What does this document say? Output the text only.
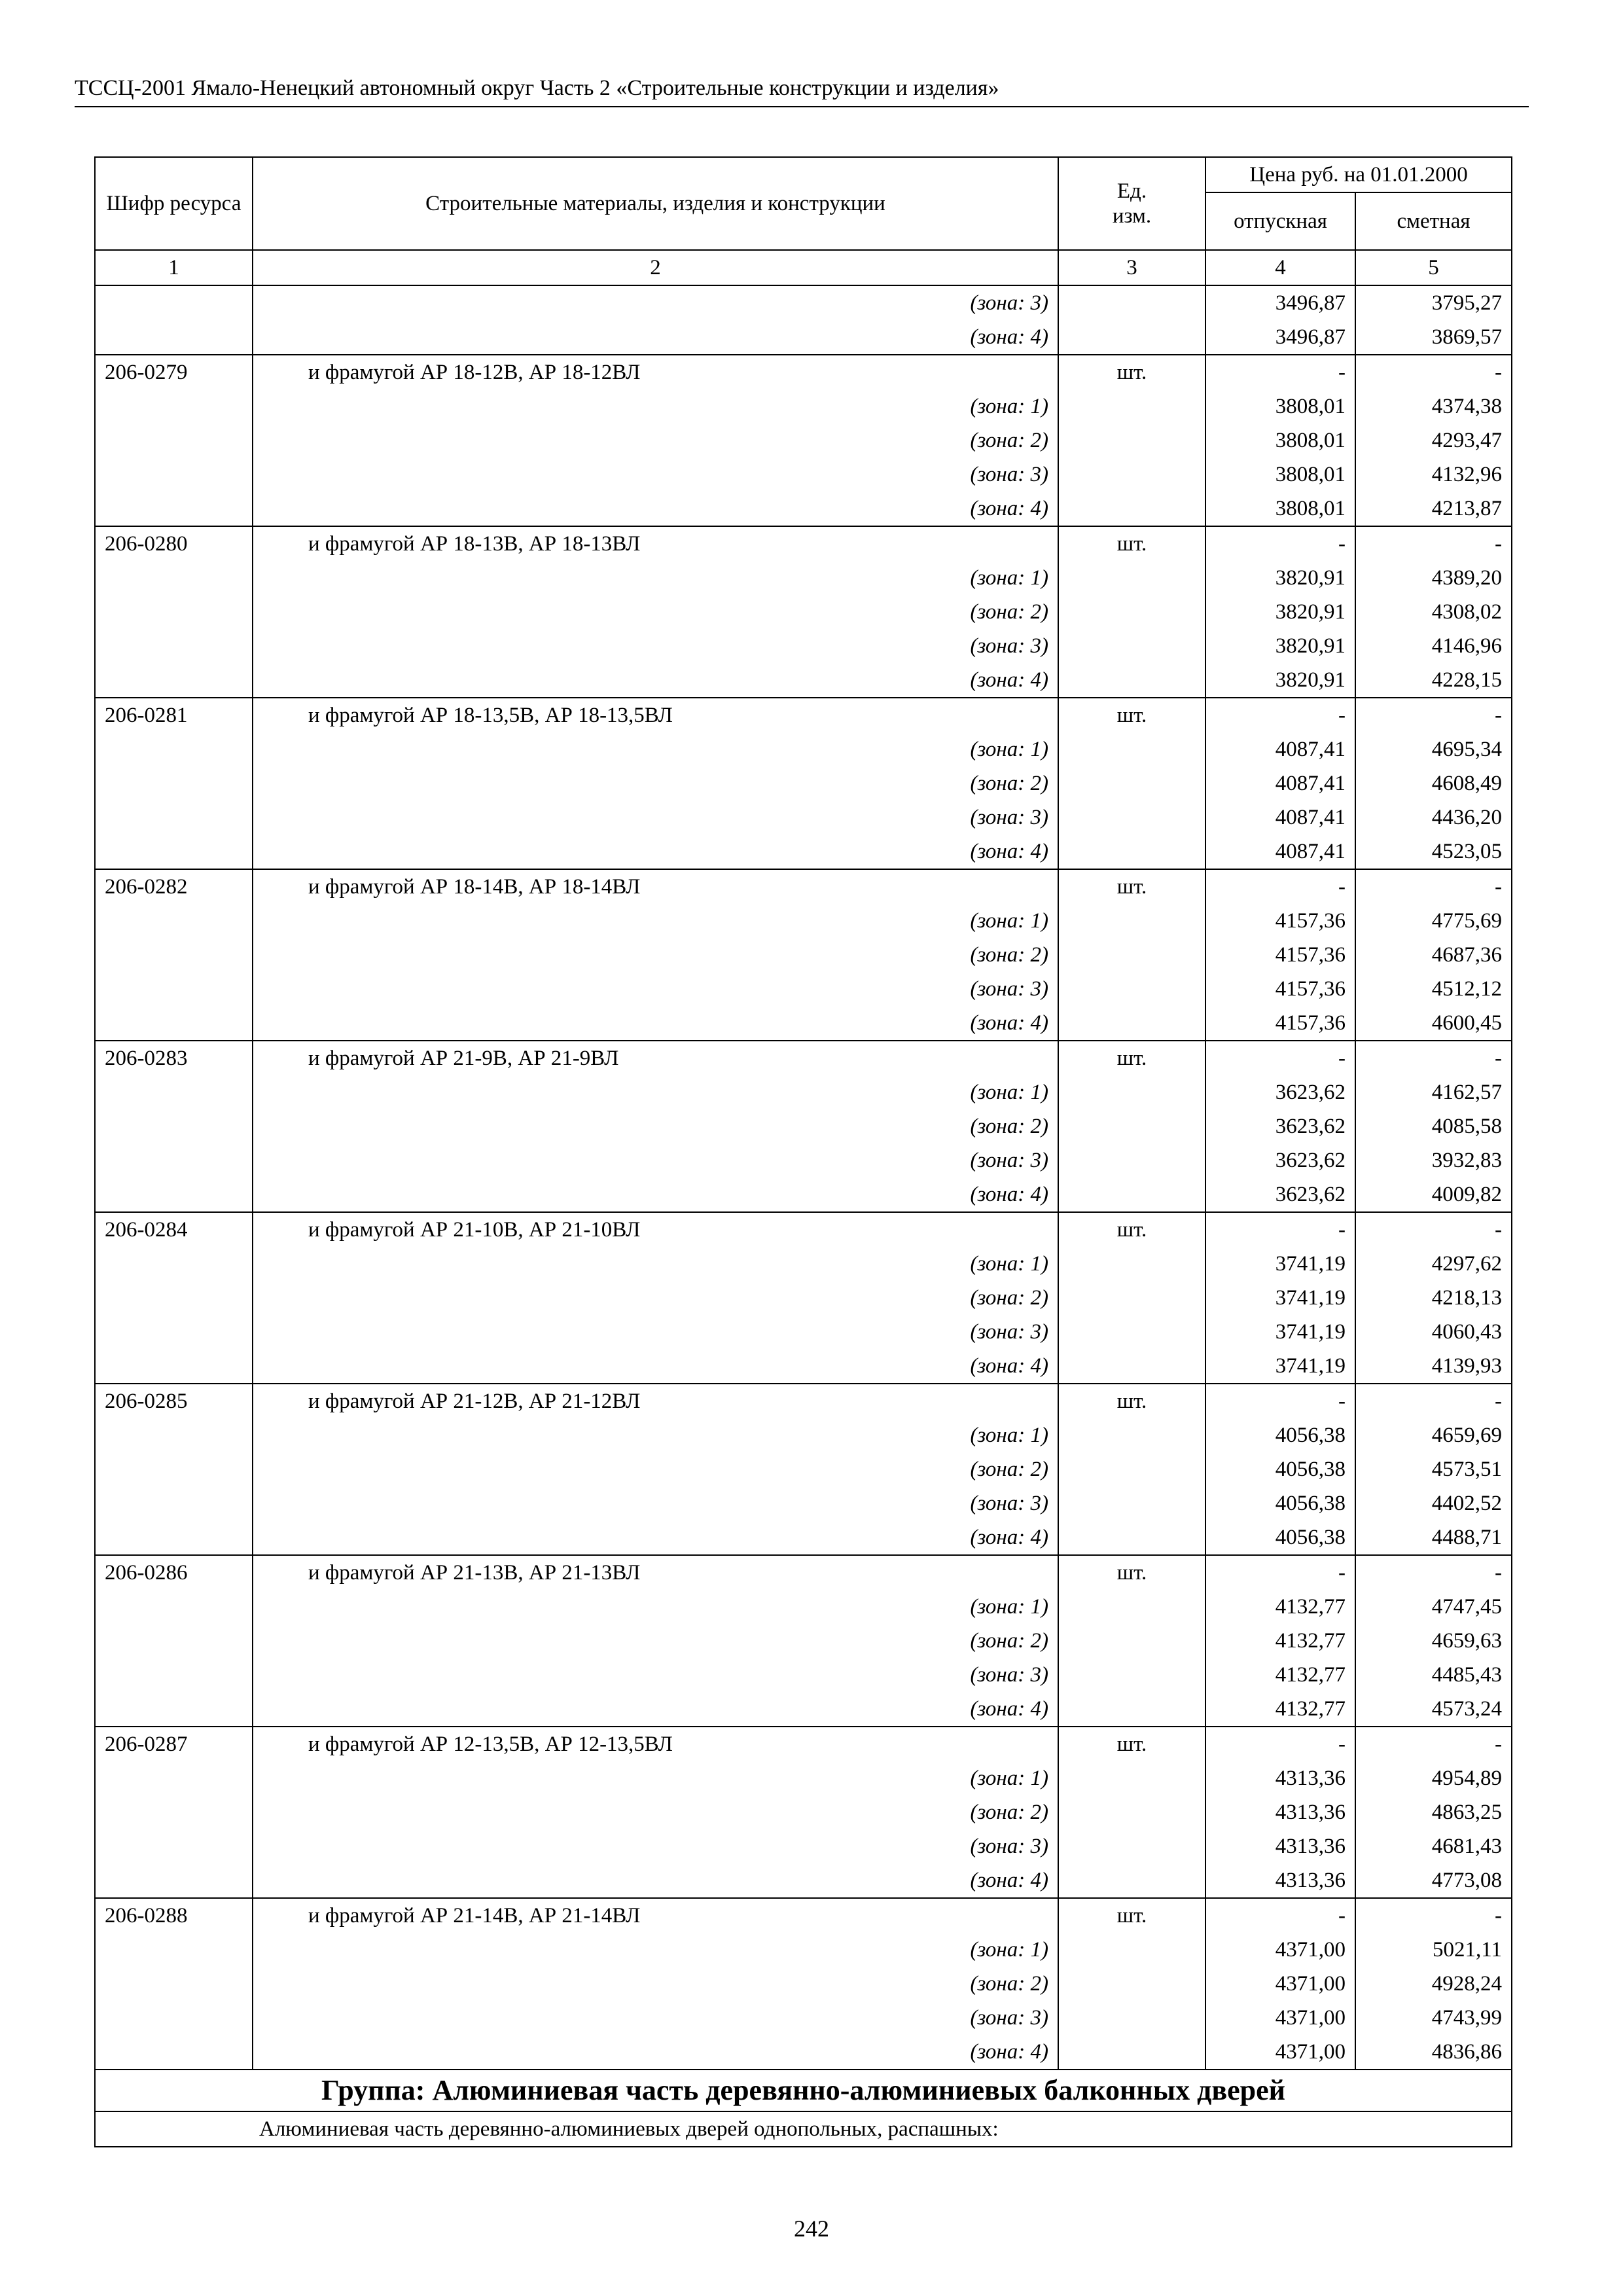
ТССЦ-2001 Ямало-Ненецкий автономный округ Часть 2 «Строительные конструкции и изделия»
Шифр ресурса	Строительные материалы, изделия и конструкции	Ед. изм.	Цена руб. на 01.01.2000	
			отпускная	сметная
1	2	3	4	5

	(зона: 3)		3496,87	3795,27

	(зона: 4)		3496,87	3869,57
206-0279	и фрамугой АР 18-12В, АР 18-12ВЛ	шт.	-	-

	(зона: 1)		3808,01	4374,38

	(зона: 2)		3808,01	4293,47

	(зона: 3)		3808,01	4132,96

	(зона: 4)		3808,01	4213,87
206-0280	и фрамугой АР 18-13В, АР 18-13ВЛ	шт.	-	-

	(зона: 1)		3820,91	4389,20

	(зона: 2)		3820,91	4308,02

	(зона: 3)		3820,91	4146,96

	(зона: 4)		3820,91	4228,15
206-0281	и фрамугой АР 18-13,5В, АР 18-13,5ВЛ	шт.	-	-

	(зона: 1)		4087,41	4695,34

	(зона: 2)		4087,41	4608,49

	(зона: 3)		4087,41	4436,20

	(зона: 4)		4087,41	4523,05
206-0282	и фрамугой АР 18-14В, АР 18-14ВЛ	шт.	-	-

	(зона: 1)		4157,36	4775,69

	(зона: 2)		4157,36	4687,36

	(зона: 3)		4157,36	4512,12

	(зона: 4)		4157,36	4600,45
206-0283	и фрамугой АР 21-9В, АР 21-9ВЛ	шт.	-	-

	(зона: 1)		3623,62	4162,57

	(зона: 2)		3623,62	4085,58

	(зона: 3)		3623,62	3932,83

	(зона: 4)		3623,62	4009,82
206-0284	и фрамугой АР 21-10В, АР 21-10ВЛ	шт.	-	-

	(зона: 1)		3741,19	4297,62

	(зона: 2)		3741,19	4218,13

	(зона: 3)		3741,19	4060,43

	(зона: 4)		3741,19	4139,93
206-0285	и фрамугой АР 21-12В, АР 21-12ВЛ	шт.	-	-

	(зона: 1)		4056,38	4659,69

	(зона: 2)		4056,38	4573,51

	(зона: 3)		4056,38	4402,52

	(зона: 4)		4056,38	4488,71
206-0286	и фрамугой АР 21-13В, АР 21-13ВЛ	шт.	-	-

	(зона: 1)		4132,77	4747,45

	(зона: 2)		4132,77	4659,63

	(зона: 3)		4132,77	4485,43

	(зона: 4)		4132,77	4573,24
206-0287	и фрамугой АР 12-13,5В, АР 12-13,5ВЛ	шт.	-	-

	(зона: 1)		4313,36	4954,89

	(зона: 2)		4313,36	4863,25

	(зона: 3)		4313,36	4681,43

	(зона: 4)		4313,36	4773,08
206-0288	и фрамугой АР 21-14В, АР 21-14ВЛ	шт.	-	-

	(зона: 1)		4371,00	5021,11

	(зона: 2)		4371,00	4928,24

	(зона: 3)		4371,00	4743,99

	(зона: 4)		4371,00	4836,86
Группа: Алюминиевая часть деревянно-алюминиевых балконных дверей				
Алюминиевая часть деревянно-алюминиевых дверей однопольных, распашных:				
242
